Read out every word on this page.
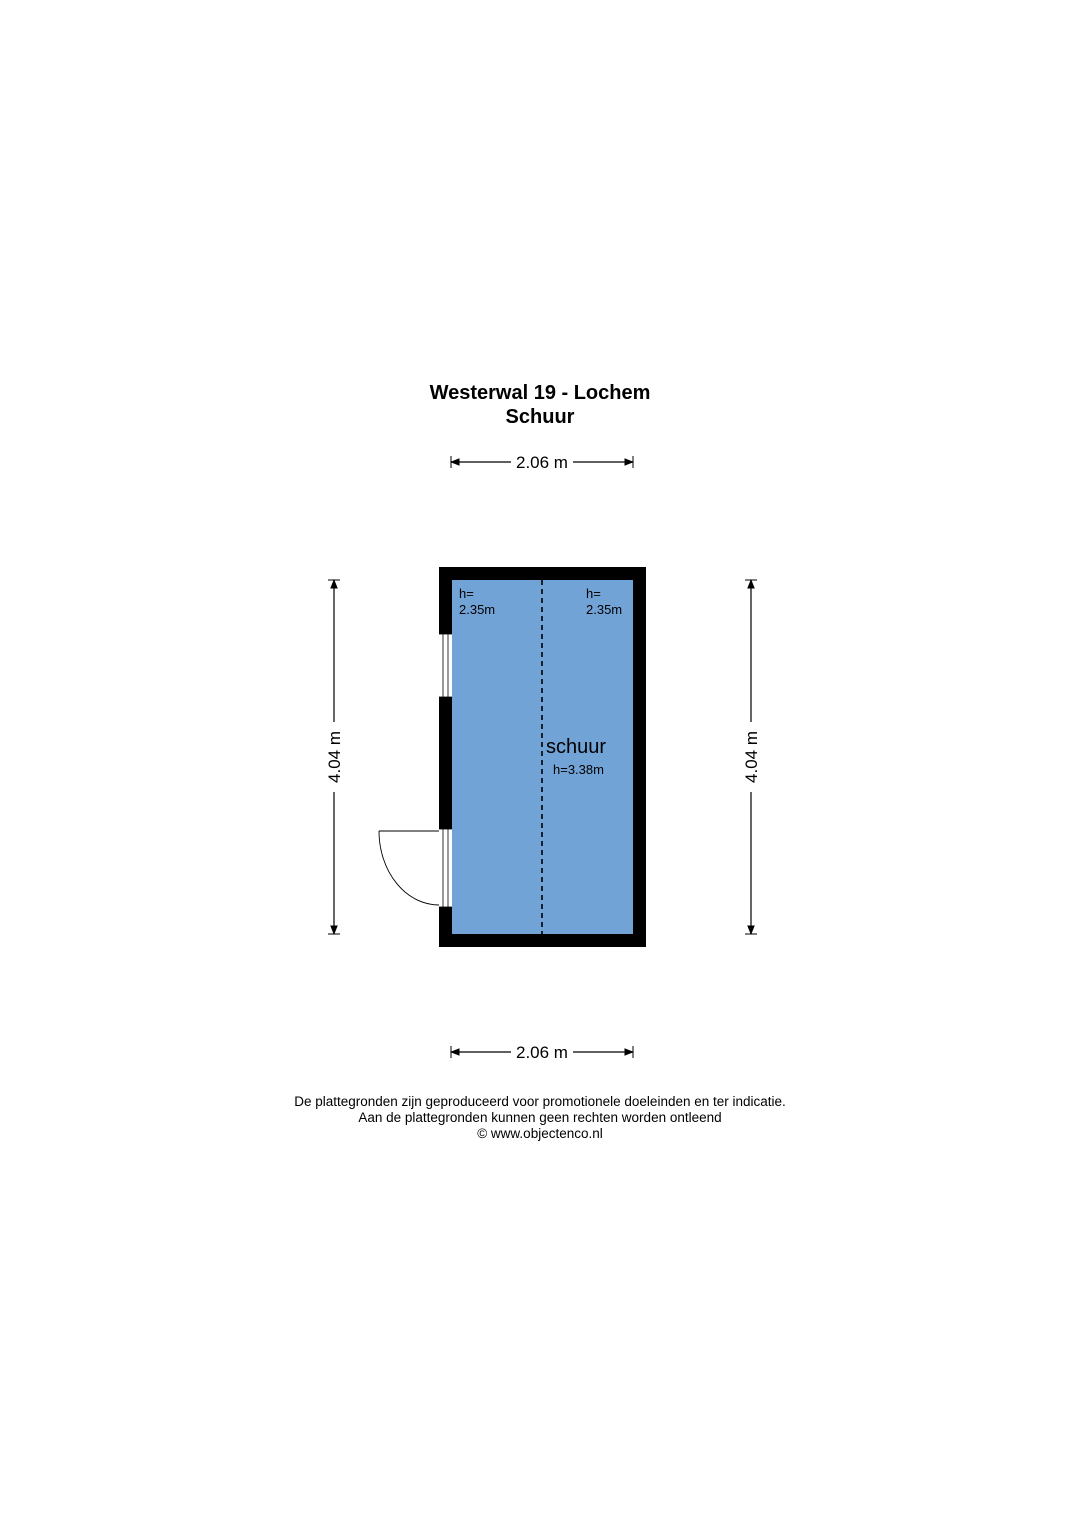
Westerwal 19 - Lochem
Schuur
2.06 m
2.06 m
4.04 m	4.04 m
h=
2.35m
h=
2.35m
schuur
h=3.38m
De plattegronden zijn geproduceerd voor promotionele doeleinden en ter indicatie.
Aan de plattegronden kunnen geen rechten worden ontleend
© www.objectenco.nl
